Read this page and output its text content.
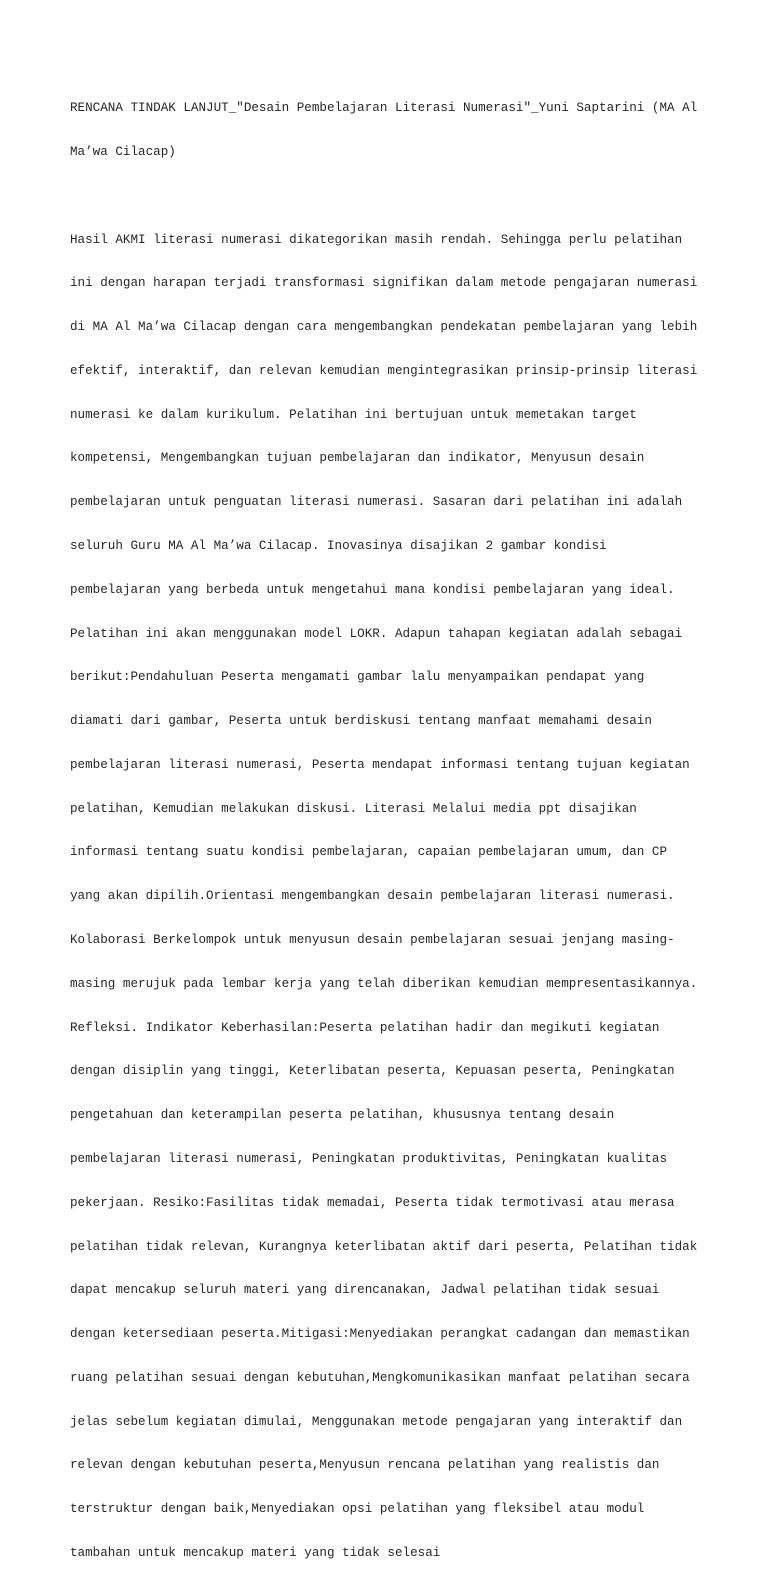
RENCANA TINDAK LANJUT_"Desain Pembelajaran Literasi Numerasi"_Yuni Saptarini (MA Al

Ma’wa Cilacap)

Hasil AKMI literasi numerasi dikategorikan masih rendah. Sehingga perlu pelatihan

ini dengan harapan terjadi transformasi signifikan dalam metode pengajaran numerasi

di MA Al Ma’wa Cilacap dengan cara mengembangkan pendekatan pembelajaran yang lebih

efektif, interaktif, dan relevan kemudian mengintegrasikan prinsip-prinsip literasi

numerasi ke dalam kurikulum. Pelatihan ini bertujuan untuk memetakan target

kompetensi, Mengembangkan tujuan pembelajaran dan indikator, Menyusun desain

pembelajaran untuk penguatan literasi numerasi. Sasaran dari pelatihan ini adalah

seluruh Guru MA Al Ma’wa Cilacap. Inovasinya disajikan 2 gambar kondisi

pembelajaran yang berbeda untuk mengetahui mana kondisi pembelajaran yang ideal.

Pelatihan ini akan menggunakan model LOKR. Adapun tahapan kegiatan adalah sebagai

berikut:Pendahuluan Peserta mengamati gambar lalu menyampaikan pendapat yang

diamati dari gambar, Peserta untuk berdiskusi tentang manfaat memahami desain

pembelajaran literasi numerasi, Peserta mendapat informasi tentang tujuan kegiatan

pelatihan, Kemudian melakukan diskusi. Literasi Melalui media ppt disajikan

informasi tentang suatu kondisi pembelajaran, capaian pembelajaran umum, dan CP

yang akan dipilih.Orientasi mengembangkan desain pembelajaran literasi numerasi.

Kolaborasi Berkelompok untuk menyusun desain pembelajaran sesuai jenjang masing-

masing merujuk pada lembar kerja yang telah diberikan kemudian mempresentasikannya.

Refleksi. Indikator Keberhasilan:Peserta pelatihan hadir dan megikuti kegiatan

dengan disiplin yang tinggi, Keterlibatan peserta, Kepuasan peserta, Peningkatan

pengetahuan dan keterampilan peserta pelatihan, khususnya tentang desain

pembelajaran literasi numerasi, Peningkatan produktivitas, Peningkatan kualitas

pekerjaan. Resiko:Fasilitas tidak memadai, Peserta tidak termotivasi atau merasa

pelatihan tidak relevan, Kurangnya keterlibatan aktif dari peserta, Pelatihan tidak

dapat mencakup seluruh materi yang direncanakan, Jadwal pelatihan tidak sesuai

dengan ketersediaan peserta.Mitigasi:Menyediakan perangkat cadangan dan memastikan

ruang pelatihan sesuai dengan kebutuhan,Mengkomunikasikan manfaat pelatihan secara

jelas sebelum kegiatan dimulai, Menggunakan metode pengajaran yang interaktif dan

relevan dengan kebutuhan peserta,Menyusun rencana pelatihan yang realistis dan

terstruktur dengan baik,Menyediakan opsi pelatihan yang fleksibel atau modul

tambahan untuk mencakup materi yang tidak selesai
